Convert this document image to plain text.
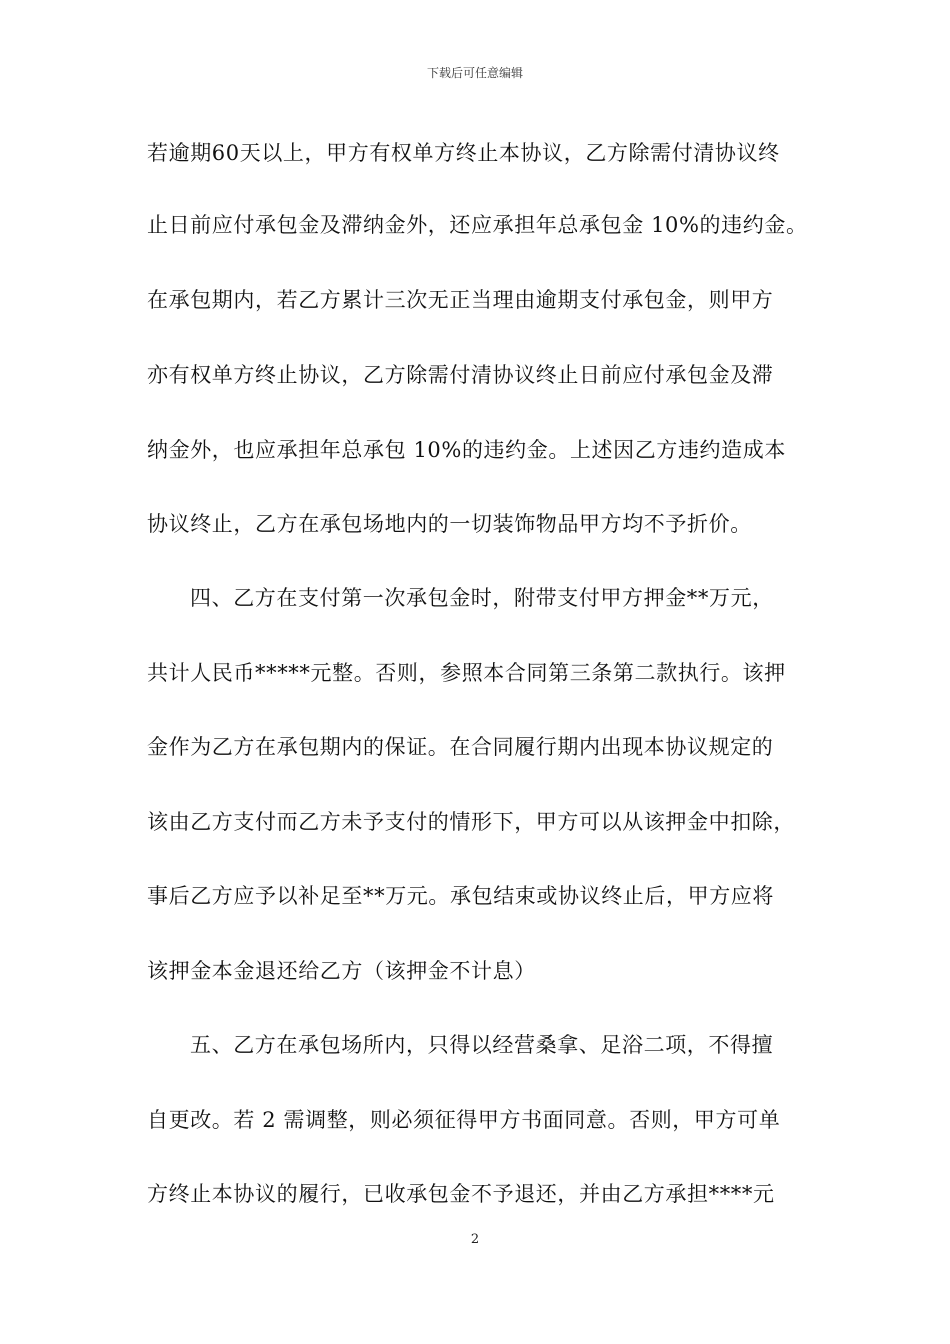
下载后可任意编辑
若逾期60天以上，甲方有权单方终止本协议，乙方除需付清协议终
止日前应付承包金及滞纳金外，还应承担年总承包金 10%的违约金。
在承包期内，若乙方累计三次无正当理由逾期支付承包金，则甲方
亦有权单方终止协议，乙方除需付清协议终止日前应付承包金及滞
纳金外，也应承担年总承包 10%的违约金。上述因乙方违约造成本
协议终止，乙方在承包场地内的一切装饰物品甲方均不予折价。
四、乙方在支付第一次承包金时，附带支付甲方押金**万元，
共计人民币*****元整。否则，参照本合同第三条第二款执行。该押
金作为乙方在承包期内的保证。在合同履行期内出现本协议规定的
该由乙方支付而乙方未予支付的情形下，甲方可以从该押金中扣除，
事后乙方应予以补足至**万元。承包结束或协议终止后，甲方应将
该押金本金退还给乙方（该押金不计息）
五、乙方在承包场所内，只得以经营桑拿、足浴二项，不得擅
自更改。若 2 需调整，则必须征得甲方书面同意。否则，甲方可单
方终止本协议的履行，已收承包金不予退还，并由乙方承担****元
2
